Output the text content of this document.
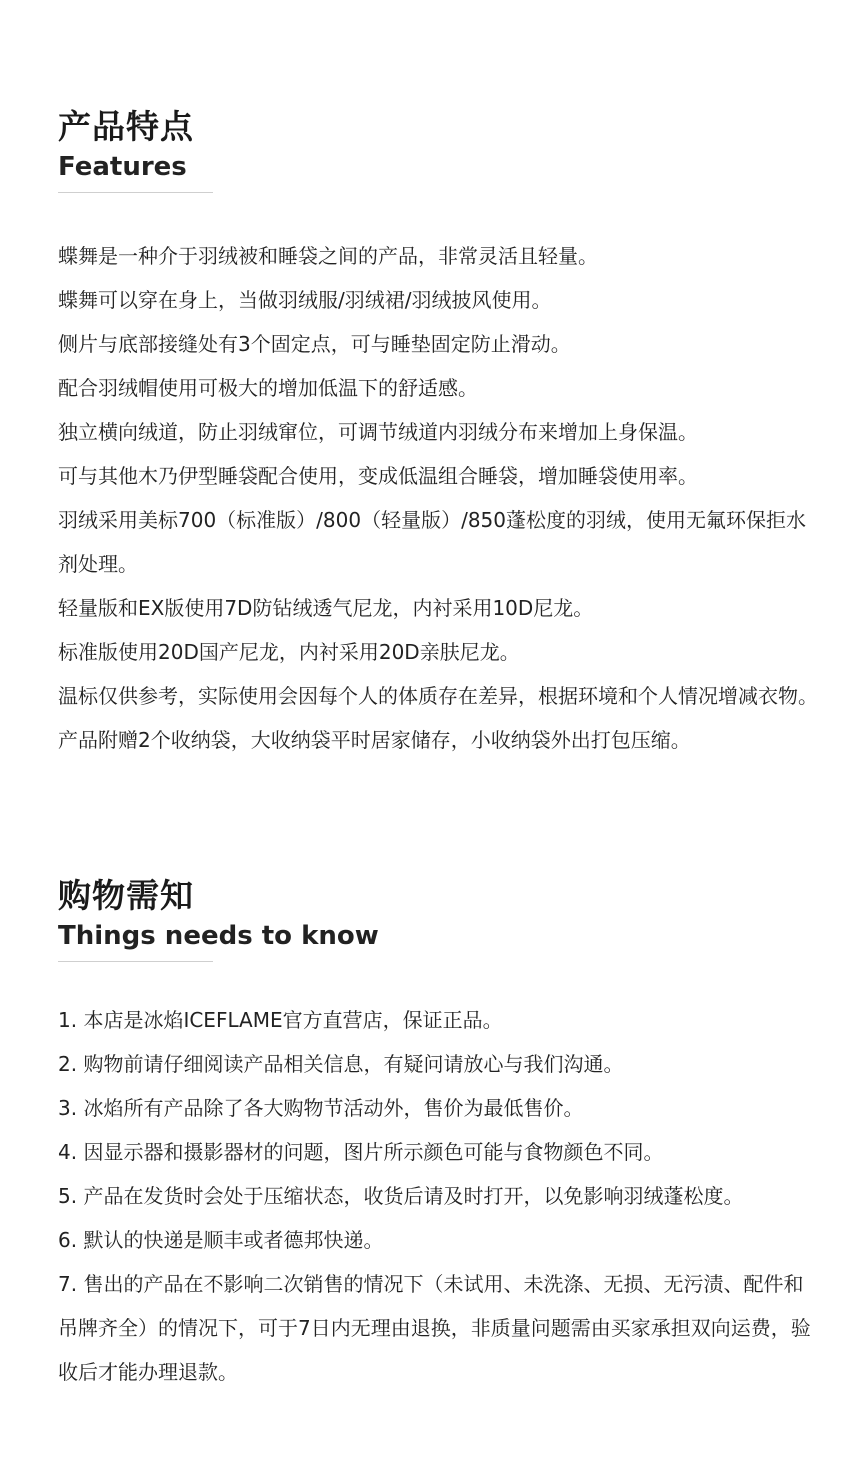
产品特点
Features

蝶舞是一种介于羽绒被和睡袋之间的产品，非常灵活且轻量。

蝶舞可以穿在身上，当做羽绒服/羽绒裙/羽绒披风使用。

侧片与底部接缝处有3个固定点，可与睡垫固定防止滑动。

配合羽绒帽使用可极大的增加低温下的舒适感。

独立横向绒道，防止羽绒窜位，可调节绒道内羽绒分布来增加上身保温。

可与其他木乃伊型睡袋配合使用，变成低温组合睡袋，增加睡袋使用率。

羽绒采用美标700（标准版）/800（轻量版）/850蓬松度的羽绒，使用无氟环保拒水剂处理。

轻量版和EX版使用7D防钻绒透气尼龙，内衬采用10D尼龙。

标准版使用20D国产尼龙，内衬采用20D亲肤尼龙。

温标仅供参考，实际使用会因每个人的体质存在差异，根据环境和个人情况增减衣物。

产品附赠2个收纳袋，大收纳袋平时居家储存，小收纳袋外出打包压缩。

购物需知
Things needs to know

1. 本店是冰焰ICEFLAME官方直营店，保证正品。

2. 购物前请仔细阅读产品相关信息，有疑问请放心与我们沟通。

3. 冰焰所有产品除了各大购物节活动外，售价为最低售价。

4. 因显示器和摄影器材的问题，图片所示颜色可能与食物颜色不同。

5. 产品在发货时会处于压缩状态，收货后请及时打开，以免影响羽绒蓬松度。

6. 默认的快递是顺丰或者德邦快递。

7. 售出的产品在不影响二次销售的情况下（未试用、未洗涤、无损、无污渍、配件和吊牌齐全）的情况下，可于7日内无理由退换，非质量问题需由买家承担双向运费，验收后才能办理退款。
